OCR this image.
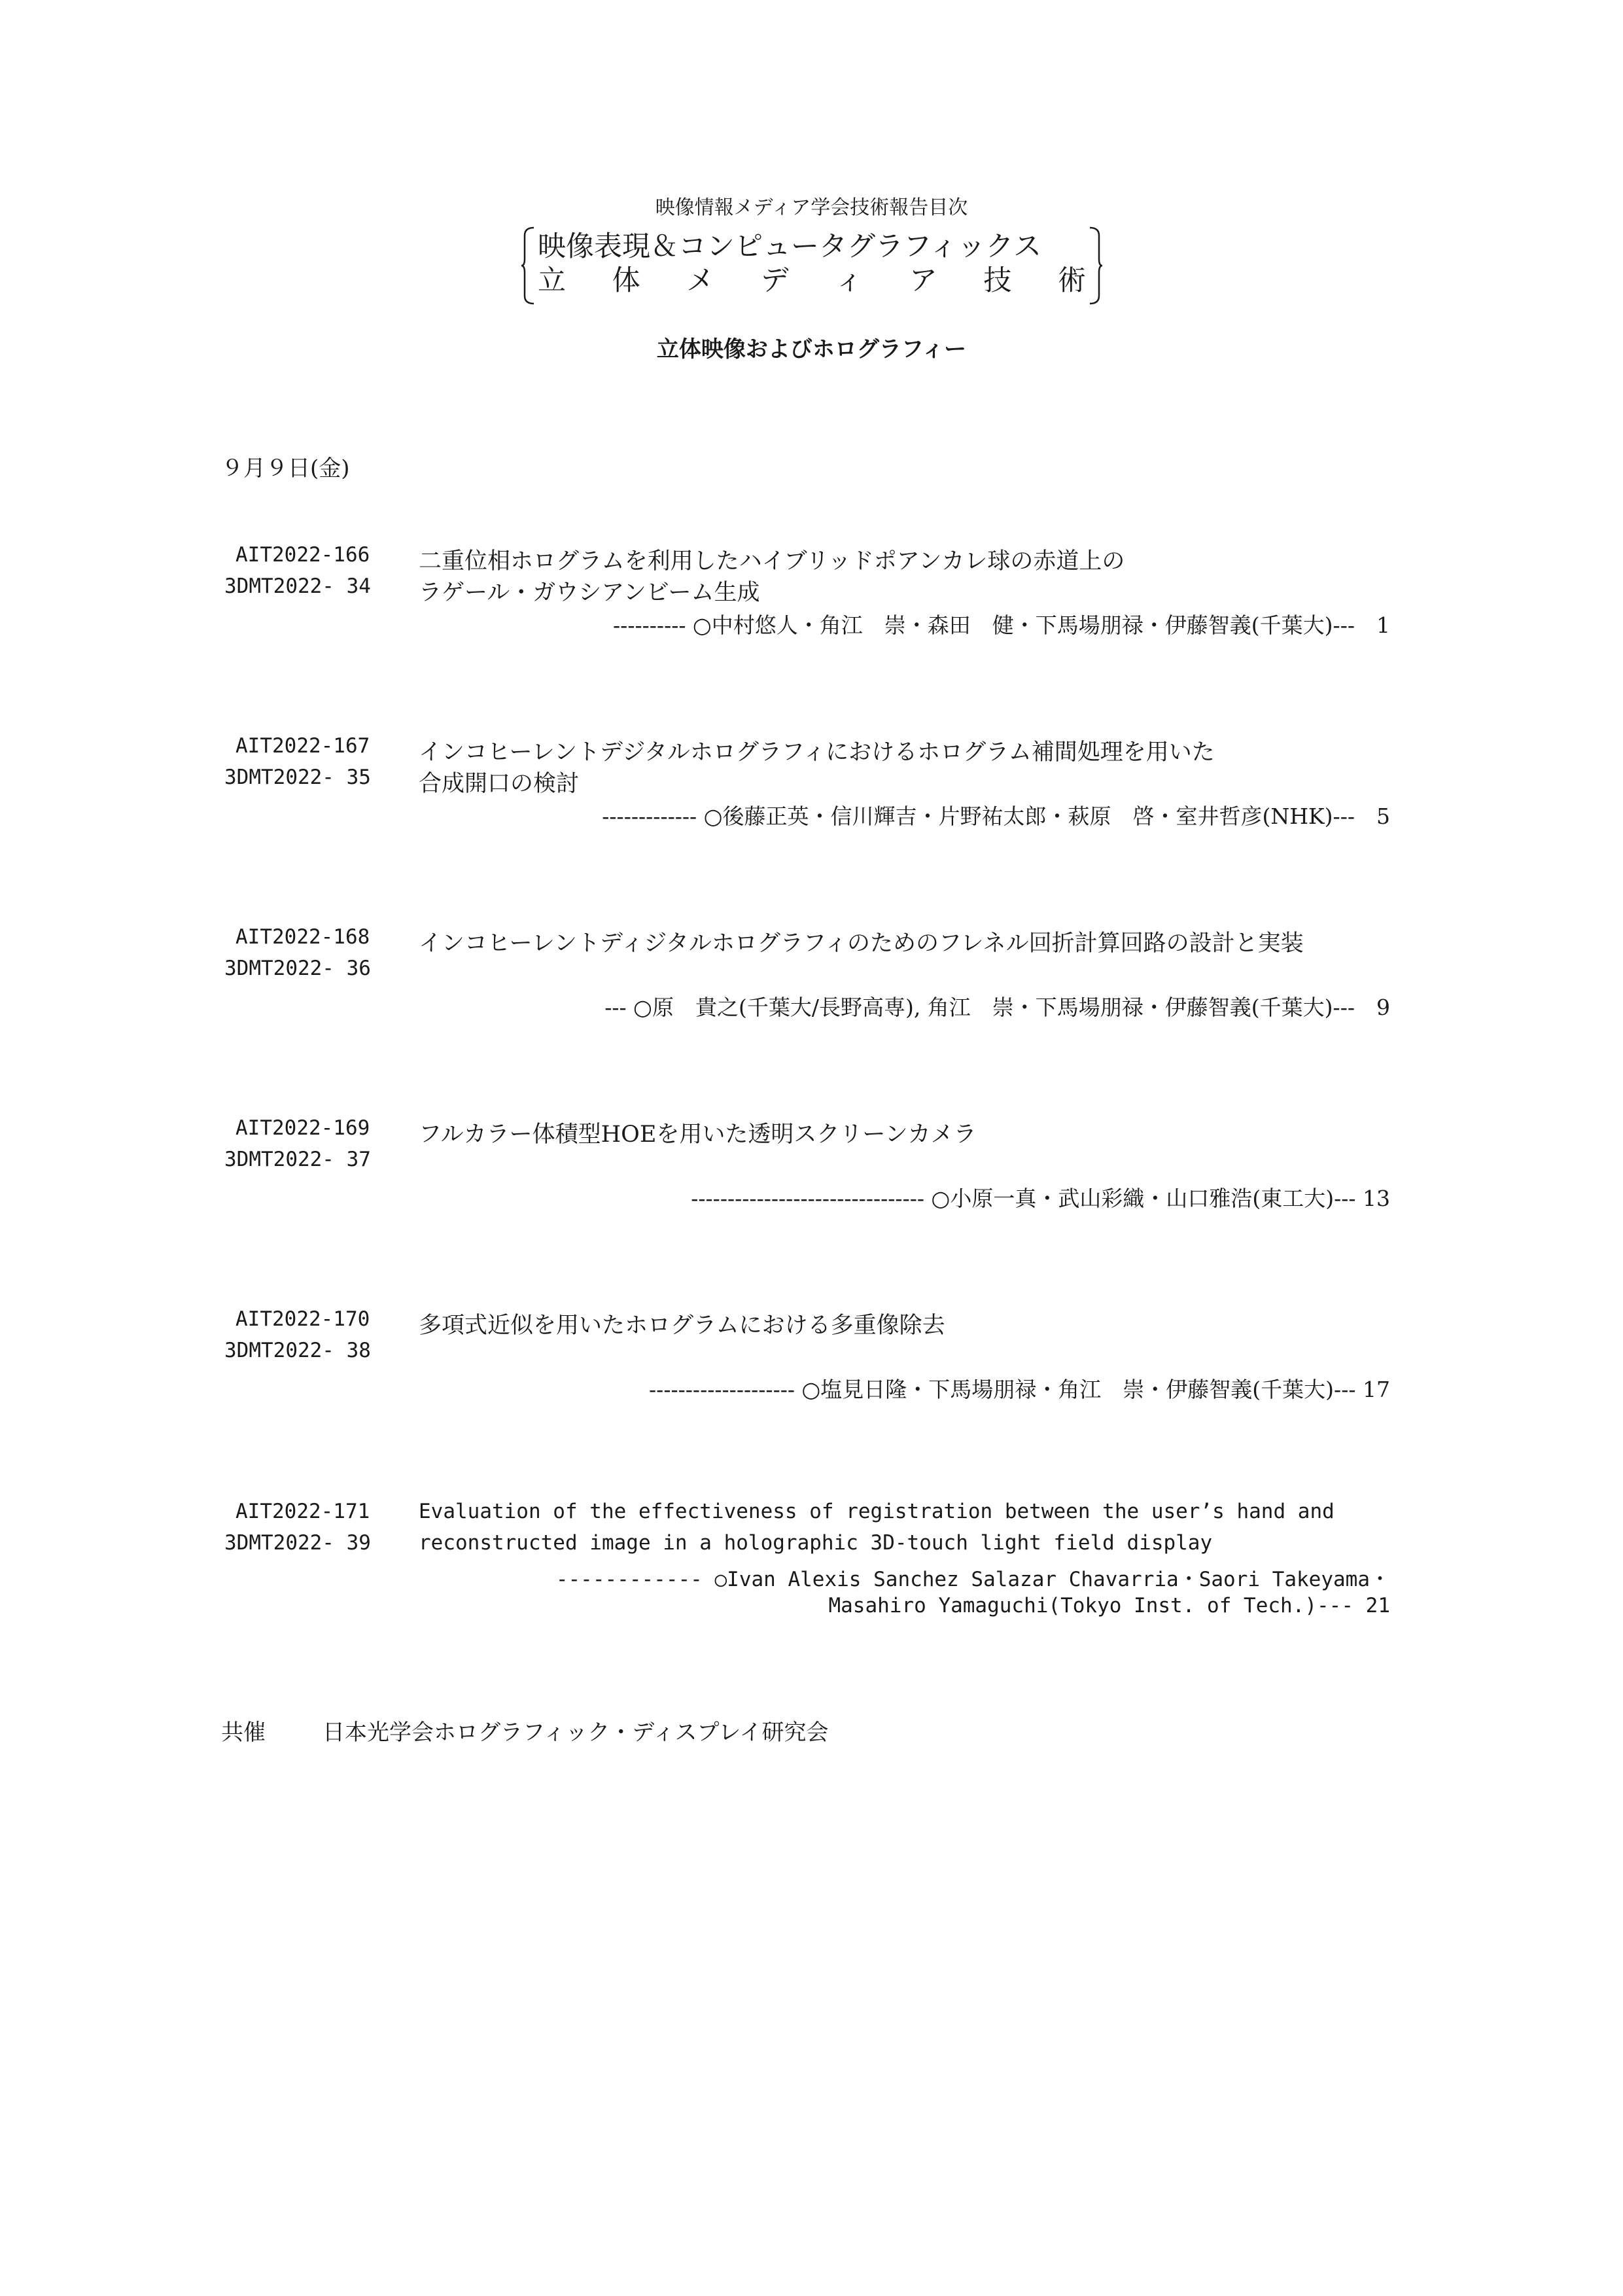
映像情報メディア学会技術報告目次
映像表現＆コンピュータグラフィックス
立 体 メ デ ィ ア 技 術
立体映像およびホログラフィー
９月９日(金)
AIT2022-166
3DMT2022- 34
二重位相ホログラムを利用したハイブリッドポアンカレ球の赤道上の
ラゲール・ガウシアンビーム生成
---------- ○中村悠人・角江　崇・森田　健・下馬場朋禄・伊藤智義(千葉大)---　1
AIT2022-167
3DMT2022- 35
インコヒーレントデジタルホログラフィにおけるホログラム補間処理を用いた
合成開口の検討
------------- ○後藤正英・信川輝吉・片野祐太郎・萩原　啓・室井哲彦(NHK)---　5
AIT2022-168
3DMT2022- 36
インコヒーレントディジタルホログラフィのためのフレネル回折計算回路の設計と実装
--- ○原　貴之(千葉大/長野高専), 角江　崇・下馬場朋禄・伊藤智義(千葉大)---　9
AIT2022-169
3DMT2022- 37
フルカラー体積型HOEを用いた透明スクリーンカメラ
-------------------------------- ○小原一真・武山彩織・山口雅浩(東工大)--- 13
AIT2022-170
3DMT2022- 38
多項式近似を用いたホログラムにおける多重像除去
-------------------- ○塩見日隆・下馬場朋禄・角江　崇・伊藤智義(千葉大)--- 17
AIT2022-171
3DMT2022- 39
Evaluation of the effectiveness of registration between the user’s hand and
reconstructed image in a holographic 3D-touch light field display
------------ ○Ivan Alexis Sanchez Salazar Chavarria・Saori Takeyama・
Masahiro Yamaguchi(Tokyo Inst. of Tech.)--- 21
共催	日本光学会ホログラフィック・ディスプレイ研究会
